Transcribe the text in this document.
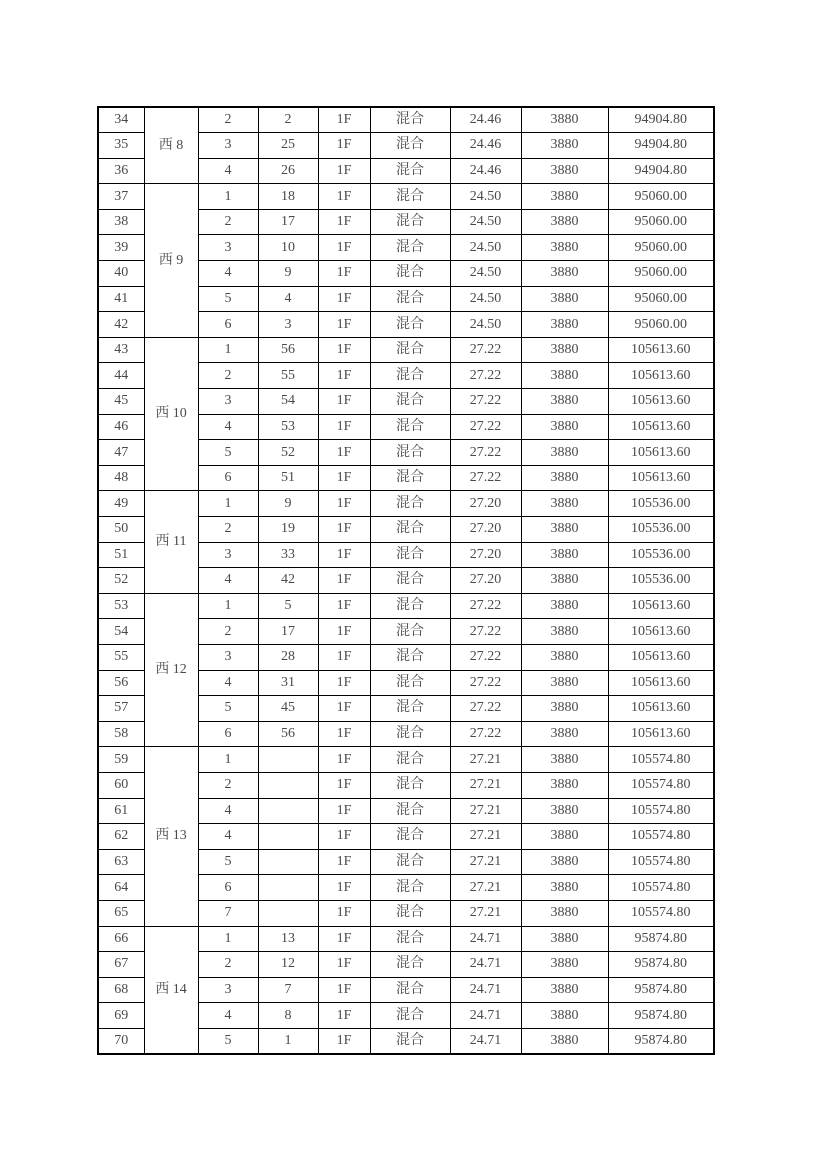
34	西 8	2	2	1F	混合	24.46	3880	94904.80
35		3	25	1F	混合	24.46	3880	94904.80
36		4	26	1F	混合	24.46	3880	94904.80
37	西 9	1	18	1F	混合	24.50	3880	95060.00
38		2	17	1F	混合	24.50	3880	95060.00
39		3	10	1F	混合	24.50	3880	95060.00
40		4	9	1F	混合	24.50	3880	95060.00
41		5	4	1F	混合	24.50	3880	95060.00
42		6	3	1F	混合	24.50	3880	95060.00
43	西 10	1	56	1F	混合	27.22	3880	105613.60
44		2	55	1F	混合	27.22	3880	105613.60
45		3	54	1F	混合	27.22	3880	105613.60
46		4	53	1F	混合	27.22	3880	105613.60
47		5	52	1F	混合	27.22	3880	105613.60
48		6	51	1F	混合	27.22	3880	105613.60
49	西 11	1	9	1F	混合	27.20	3880	105536.00
50		2	19	1F	混合	27.20	3880	105536.00
51		3	33	1F	混合	27.20	3880	105536.00
52		4	42	1F	混合	27.20	3880	105536.00
53	西 12	1	5	1F	混合	27.22	3880	105613.60
54		2	17	1F	混合	27.22	3880	105613.60
55		3	28	1F	混合	27.22	3880	105613.60
56		4	31	1F	混合	27.22	3880	105613.60
57		5	45	1F	混合	27.22	3880	105613.60
58		6	56	1F	混合	27.22	3880	105613.60
59	西 13	1		1F	混合	27.21	3880	105574.80
60		2		1F	混合	27.21	3880	105574.80
61		4		1F	混合	27.21	3880	105574.80
62		4		1F	混合	27.21	3880	105574.80
63		5		1F	混合	27.21	3880	105574.80
64		6		1F	混合	27.21	3880	105574.80
65		7		1F	混合	27.21	3880	105574.80
66	西 14	1	13	1F	混合	24.71	3880	95874.80
67		2	12	1F	混合	24.71	3880	95874.80
68		3	7	1F	混合	24.71	3880	95874.80
69		4	8	1F	混合	24.71	3880	95874.80
70		5	1	1F	混合	24.71	3880	95874.80
